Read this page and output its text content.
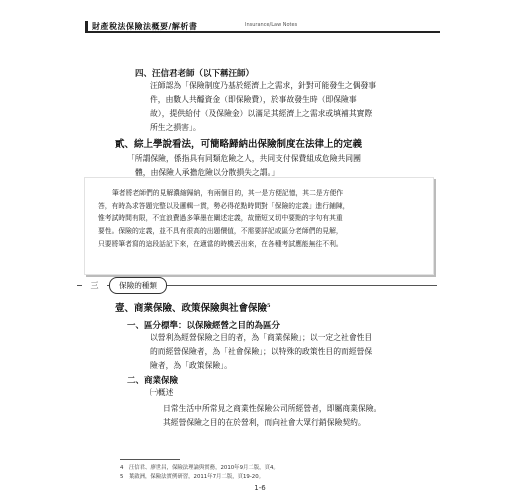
財產稅法保險法概要/解析書	Insurance/Law Notes
四、汪信君老師（以下稱汪師）
汪師認為「保險制度乃基於經濟上之需求，針對可能發生之偶發事
件，由數人共醵資金（即保險費），於事故發生時（即保險事
故），提供給付（及保險金）以滿足其經濟上之需求或填補其實際
所生之損害」。
貳、綜上學說看法，可簡略歸納出保險制度在法律上的定義
「所謂保險，係指具有同類危險之人，共同支付保費組成危險共同團
體，由保險人承擔危險以分散損失之謂。」
筆者將老師們的見解濃縮歸納，有兩個目的，其一是方便記憶，其二是方便作
答，有時為求答題完整以及邏輯一貫，勢必得花點時間對「保險的定義」進行鋪陳，
惟考試時間有限，不宜浪費過多筆墨在闡述定義，故簡短又切中要點的字句有其重
要性。保險的定義，並不具有很高的出題價值，不需要詳記或區分老師們的見解，
只要將筆者寫的這段話記下來，在適當的時機丟出來，在各種考試應能無往不利。
三	保險的種類
壹、商業保險、政策保險與社會保險$^5$
一、區分標準：以保險經營之目的為區分
以營利為經營保險之目的者，為「商業保險」；以一定之社會性目
的而經營保險者，為「社會保險」；以特殊的政策性目的而經營保
險者，為「政策保險」。
二、商業保險
㈠概述
日常生活中所常見之商業性保險公司所經營者，即屬商業保險。
其經營保險之目的在於營利，而向社會大眾行銷保險契約。
4　汪信君、廖世昌，保險法理論與實務，2010年9月二版，頁4。
5　葉啟洲，保險法實例研習，2011年7月二版，頁19-20。
1-6
